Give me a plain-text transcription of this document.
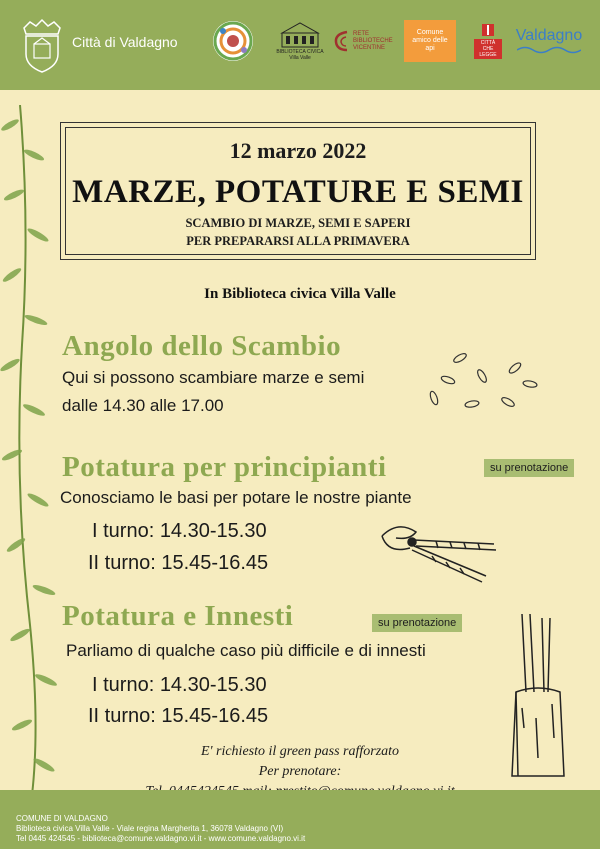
Città di Valdagno
BIBLIOTECA CIVICA Villa Valle
RETE BIBLIOTECHE VICENTINE
Comune amico delle api
CITTÀ CHE LEGGE
Valdagno
12 marzo 2022
MARZE, POTATURE E SEMI
SCAMBIO DI MARZE, SEMI E SAPERI
PER PREPARARSI ALLA PRIMAVERA
In Biblioteca civica Villa Valle
Angolo dello Scambio
Qui si possono scambiare marze e semi
dalle 14.30 alle 17.00
Potatura per principianti	su prenotazione
Conosciamo le basi per potare le nostre piante
I turno: 14.30-15.30
II turno: 15.45-16.45
Potatura e Innesti	su prenotazione
Parliamo di qualche caso più difficile e di innesti
I turno: 14.30-15.30
II turno: 15.45-16.45
E' richiesto il green pass rafforzato
Per prenotare:
COMUNE DI VALDAGNO
Biblioteca civica Villa Valle - Viale regina Margherita 1, 36078 Valdagno (VI)
Tel 0445 424545 - biblioteca@comune.valdagno.vi.it - www.comune.valdagno.vi.it
